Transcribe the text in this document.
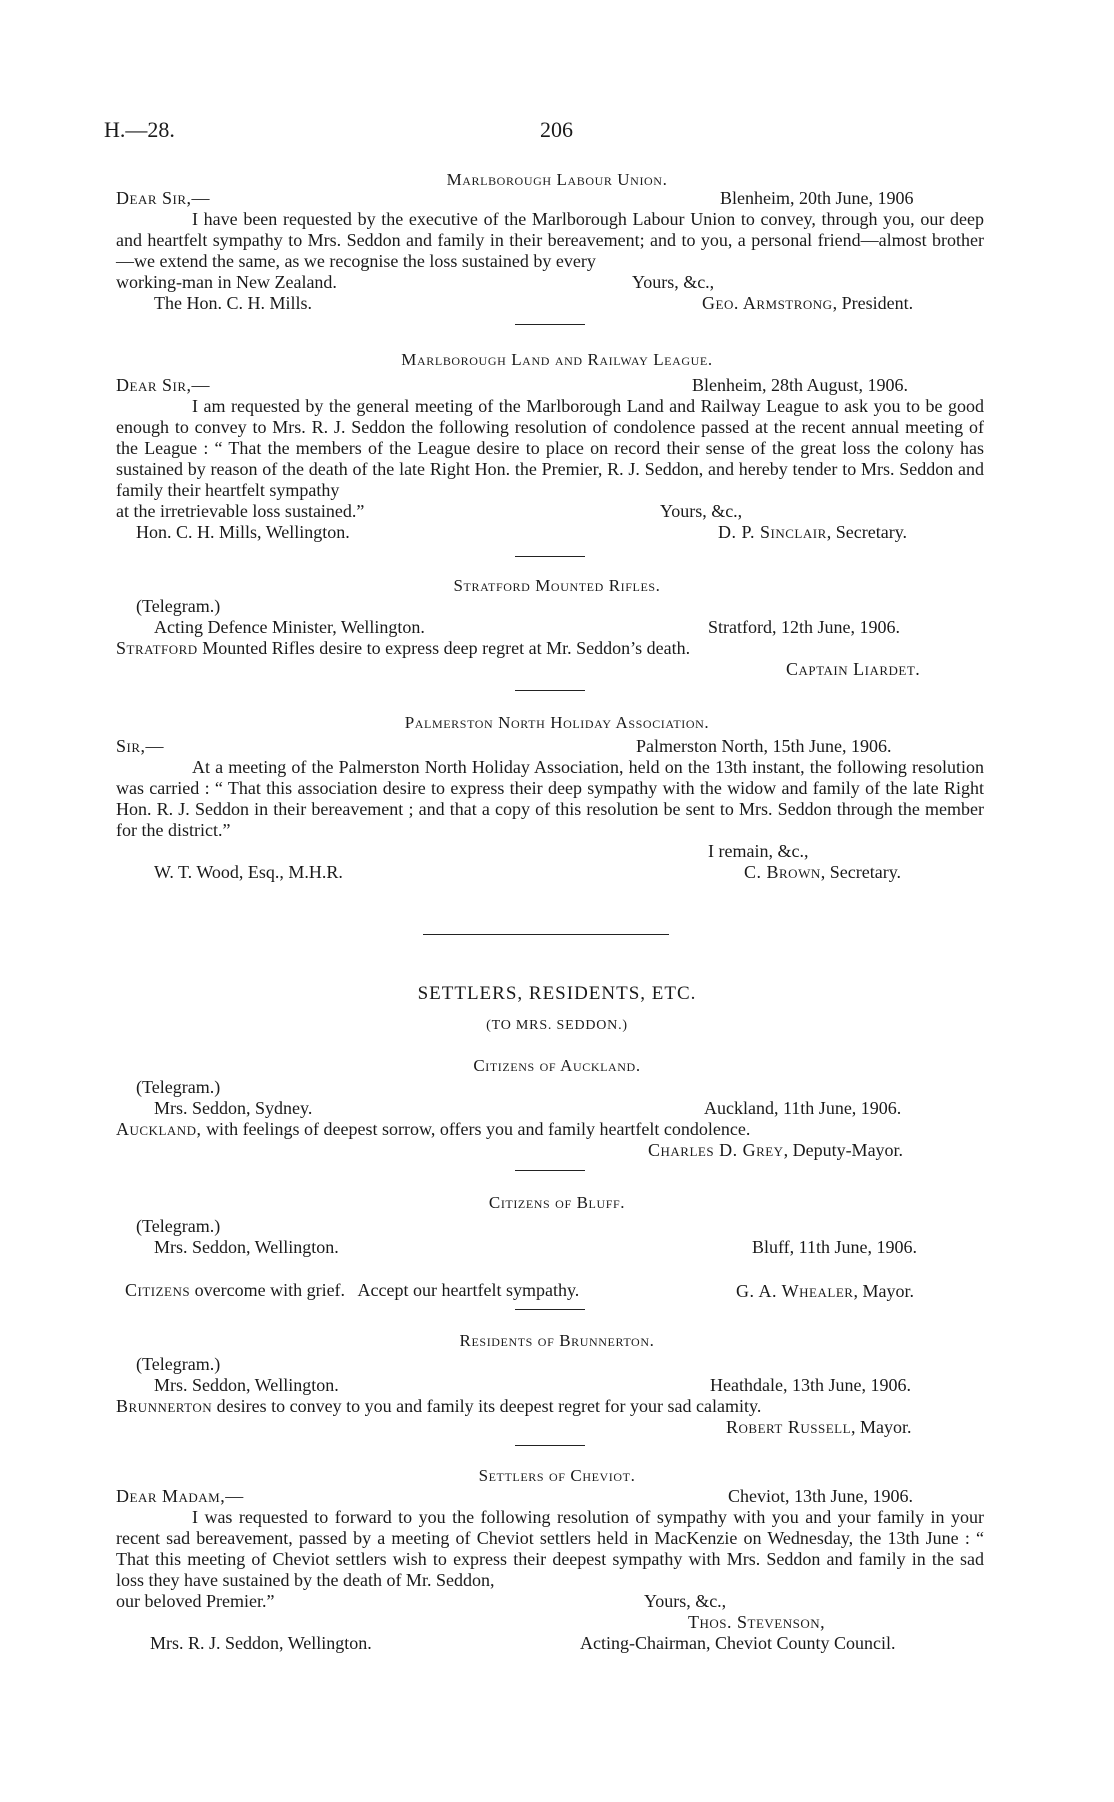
H.—28.	206
Marlborough Labour Union.
Dear Sir,—	Blenheim, 20th June, 1906

I have been requested by the executive of the Marlborough Labour Union to convey, through you, our deep and heartfelt sympathy to Mrs. Seddon and family in their bereavement; and to you, a personal friend—almost brother—we extend the same, as we recognise the loss sustained by every

working-man in New Zealand.	Yours, &c.,
The Hon. C. H. Mills.	Geo. Armstrong, President.
Marlborough Land and Railway League.
Dear Sir,—	Blenheim, 28th August, 1906.

I am requested by the general meeting of the Marlborough Land and Railway League to ask you to be good enough to convey to Mrs. R. J. Seddon the following resolution of condolence passed at the recent annual meeting of the League : “ That the members of the League desire to place on record their sense of the great loss the colony has sustained by reason of the death of the late Right Hon. the Premier, R. J. Seddon, and hereby tender to Mrs. Seddon and family their heartfelt sympathy

at the irretrievable loss sustained.”	Yours, &c.,
Hon. C. H. Mills, Wellington.	D. P. Sinclair, Secretary.
Stratford Mounted Rifles.
(Telegram.)
Acting Defence Minister, Wellington.	Stratford, 12th June, 1906.
Stratford Mounted Rifles desire to express deep regret at Mr. Seddon’s death.
Captain Liardet.
Palmerston North Holiday Association.
Sir,—	Palmerston North, 15th June, 1906.

At a meeting of the Palmerston North Holiday Association, held on the 13th instant, the following resolution was carried : “ That this association desire to express their deep sympathy with the widow and family of the late Right Hon. R. J. Seddon in their bereavement ; and that a copy of this resolution be sent to Mrs. Seddon through the member for the district.”

I remain, &c.,
W. T. Wood, Esq., M.H.R.	C. Brown, Secretary.
SETTLERS, RESIDENTS, ETC.
(TO MRS. SEDDON.)
Citizens of Auckland.
(Telegram.)
Mrs. Seddon, Sydney.	Auckland, 11th June, 1906.
Auckland, with feelings of deepest sorrow, offers you and family heartfelt condolence.
Charles D. Grey, Deputy-Mayor.
Citizens of Bluff.
(Telegram.)
Mrs. Seddon, Wellington.	Bluff, 11th June, 1906.

Citizens overcome with grief.   Accept our heartfelt sympathy.	G. A. Whealer, Mayor.
Residents of Brunnerton.
(Telegram.)
Mrs. Seddon, Wellington.	Heathdale, 13th June, 1906.
Brunnerton desires to convey to you and family its deepest regret for your sad calamity.
Robert Russell, Mayor.
Settlers of Cheviot.
Dear Madam,—	Cheviot, 13th June, 1906.

I was requested to forward to you the following resolution of sympathy with you and your family in your recent sad bereavement, passed by a meeting of Cheviot settlers held in MacKenzie on Wednesday, the 13th June : “ That this meeting of Cheviot settlers wish to express their deepest sympathy with Mrs. Seddon and family in the sad loss they have sustained by the death of Mr. Seddon,

our beloved Premier.”	Yours, &c.,
Thos. Stevenson,
Mrs. R. J. Seddon, Wellington.	Acting-Chairman, Cheviot County Council.
